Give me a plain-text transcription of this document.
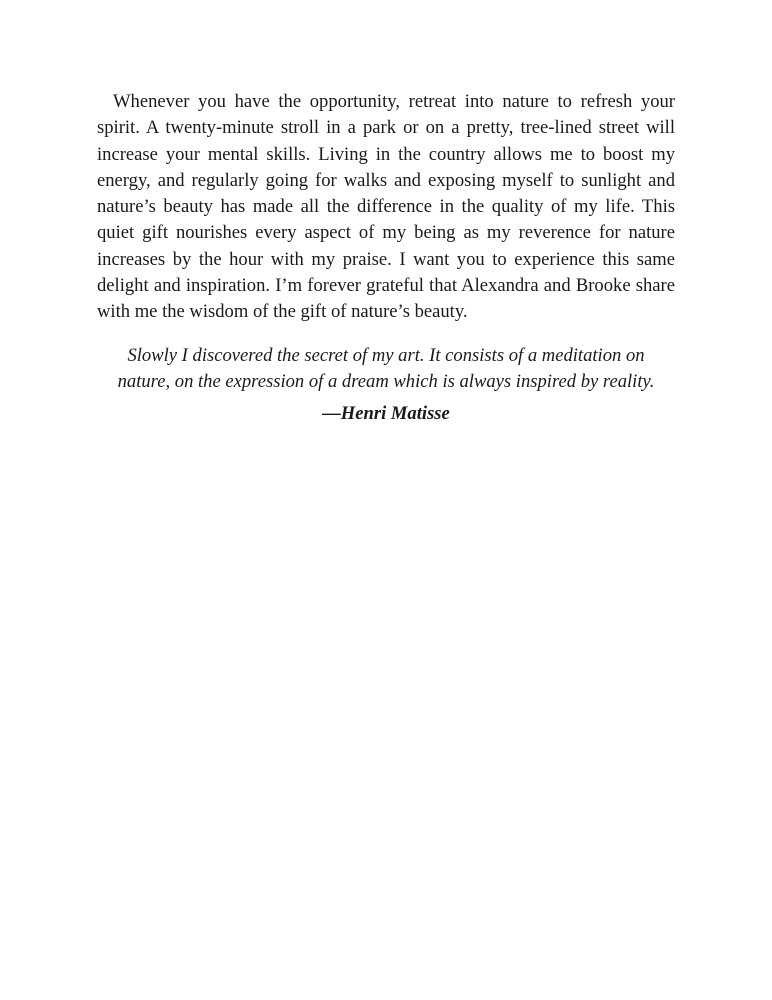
Whenever you have the opportunity, retreat into nature to refresh your spirit. A twenty-minute stroll in a park or on a pretty, tree-lined street will increase your mental skills. Living in the country allows me to boost my energy, and regularly going for walks and exposing myself to sunlight and nature’s beauty has made all the difference in the quality of my life. This quiet gift nourishes every aspect of my being as my reverence for nature increases by the hour with my praise. I want you to experience this same delight and inspiration. I’m forever grateful that Alexandra and Brooke share with me the wisdom of the gift of nature’s beauty.

Slowly I discovered the secret of my art. It consists of a meditation on
nature, on the expression of a dream which is always inspired by reality.

—Henri Matisse
